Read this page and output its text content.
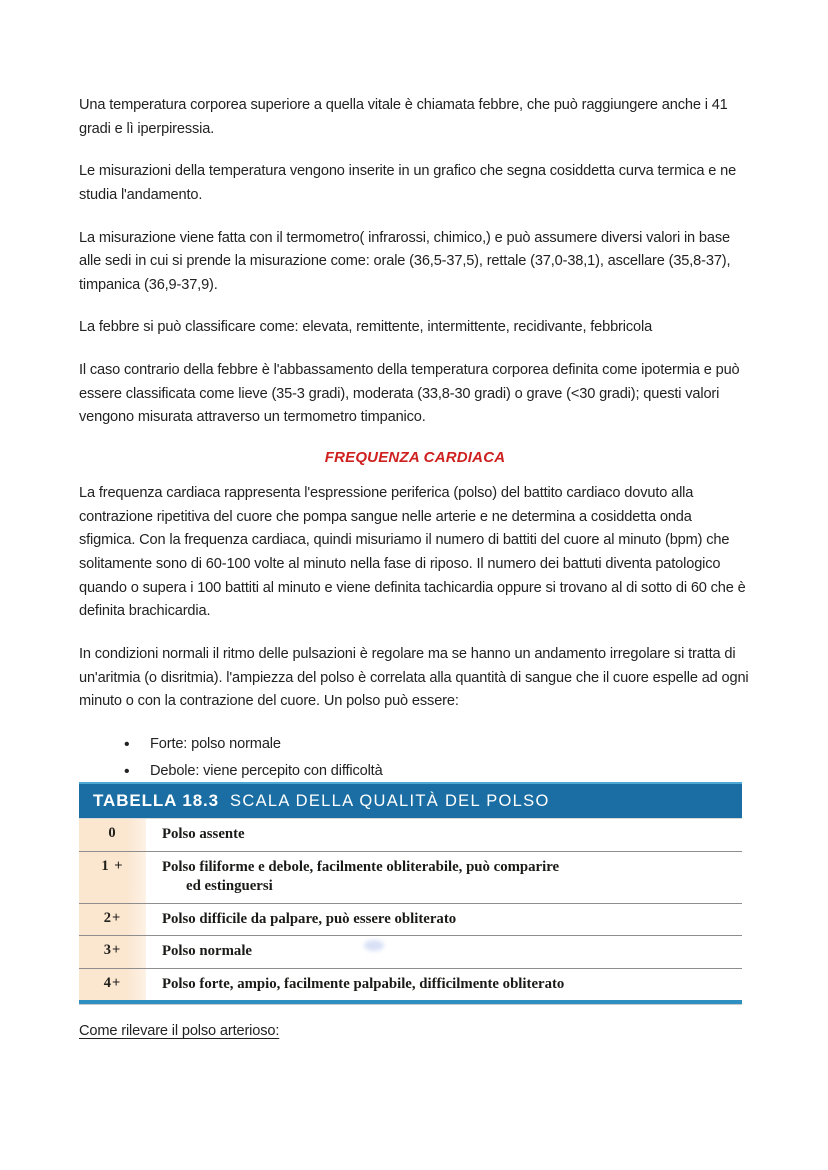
Una temperatura corporea superiore a quella vitale è chiamata febbre, che può raggiungere anche i 41 gradi e lì iperpiressia.

Le misurazioni della temperatura vengono inserite in un grafico che segna cosiddetta curva termica e ne studia l'andamento.

La misurazione viene fatta con il termometro( infrarossi, chimico,) e può assumere diversi valori in base alle sedi in cui si prende la misurazione come: orale (36,5-37,5), rettale (37,0-38,1), ascellare (35,8-37), timpanica (36,9-37,9).

La febbre si può classificare come: elevata, remittente, intermittente, recidivante, febbricola

Il caso contrario della febbre è l'abbassamento della temperatura corporea definita come ipotermia e può essere classificata come lieve (35-3 gradi), moderata (33,8-30 gradi) o grave (<30 gradi); questi valori vengono misurata attraverso un termometro timpanico.

FREQUENZA CARDIACA

La frequenza cardiaca rappresenta l'espressione periferica (polso) del battito cardiaco dovuto alla contrazione ripetitiva del cuore che pompa sangue nelle arterie e ne determina a cosiddetta onda sfigmica. Con la frequenza cardiaca, quindi misuriamo il numero di battiti del cuore al minuto (bpm) che solitamente sono di 60-100 volte al minuto nella fase di riposo. Il numero dei battuti diventa patologico quando o supera i 100 battiti al minuto e viene definita tachicardia oppure si trovano al di sotto di 60 che è definita brachicardia.

In condizioni normali il ritmo delle pulsazioni è regolare ma se hanno un andamento irregolare si tratta di un'aritmia (o disritmia). l'ampiezza del polso è correlata alla quantità di sangue che il cuore espelle ad ogni minuto o con la contrazione del cuore. Un polso può essere:

• Forte: polso normale
• Debole: viene percepito con difficoltà
TABELLA 18.3 SCALA DELLA QUALITÀ DEL POLSO
0	Polso assente
1 +	Polso filiforme e debole, facilmente obliterabile, può comparire
ed estinguersi
2+	Polso difficile da palpare, può essere obliterato
3+	Polso normale
4+	Polso forte, ampio, facilmente palpabile, difficilmente obliterato
Come rilevare il polso arterioso:
